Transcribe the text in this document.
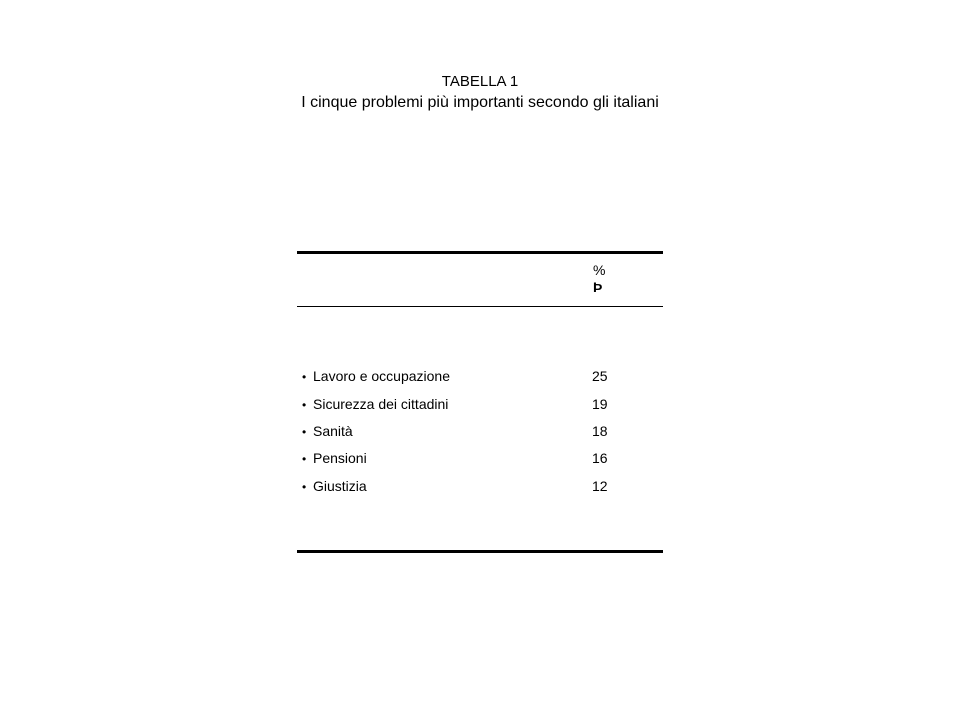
TABELLA 1
I cinque problemi più importanti secondo gli italiani
%
Þ
• Lavoro e occupazione	25
• Sicurezza dei cittadini	19
• Sanità	18
• Pensioni	16
• Giustizia	12
